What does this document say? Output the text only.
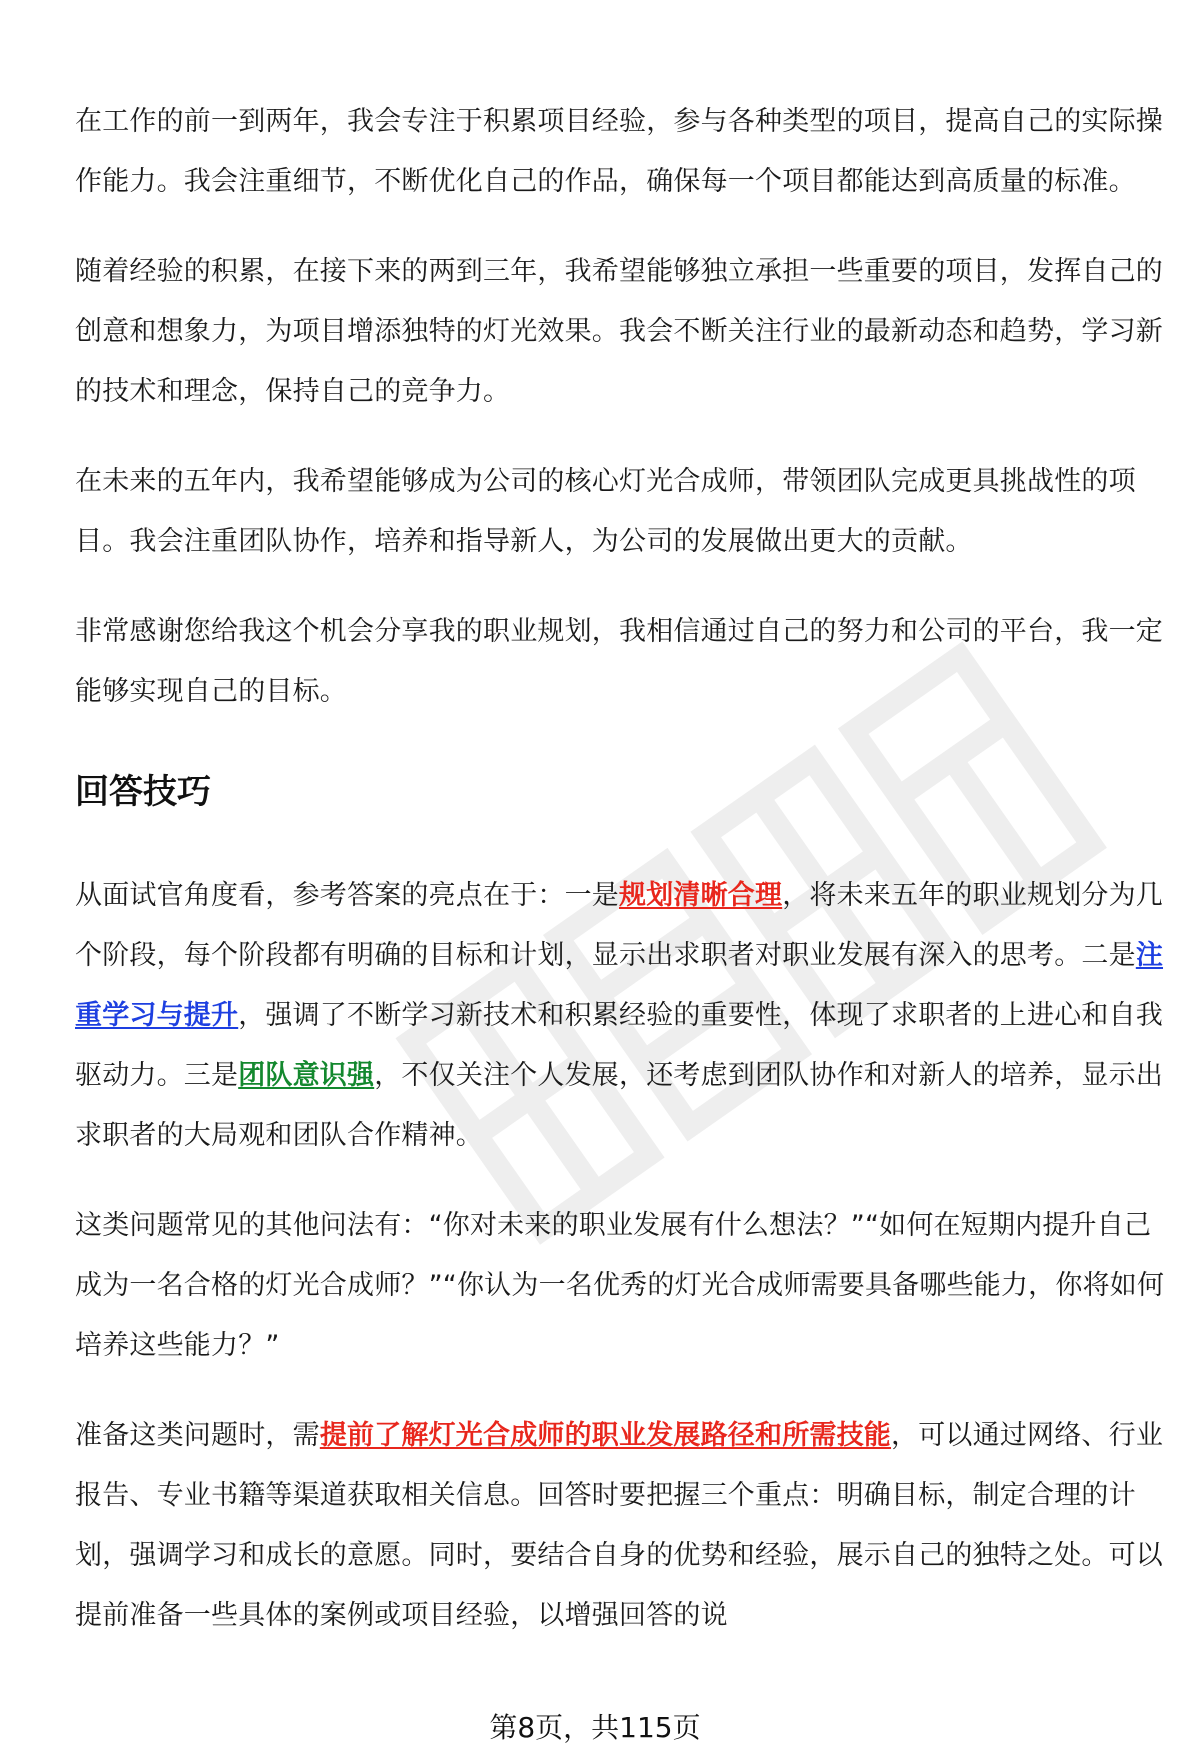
在工作的前一到两年，我会专注于积累项目经验，参与各种类型的项目，提高自己的实际操作能力。我会注重细节，不断优化自己的作品，确保每一个项目都能达到高质量的标准。

随着经验的积累，在接下来的两到三年，我希望能够独立承担一些重要的项目，发挥自己的创意和想象力，为项目增添独特的灯光效果。我会不断关注行业的最新动态和趋势，学习新的技术和理念，保持自己的竞争力。

在未来的五年内，我希望能够成为公司的核心灯光合成师，带领团队完成更具挑战性的项目。我会注重团队协作，培养和指导新人，为公司的发展做出更大的贡献。

非常感谢您给我这个机会分享我的职业规划，我相信通过自己的努力和公司的平台，我一定能够实现自己的目标。

回答技巧

从面试官角度看，参考答案的亮点在于：一是规划清晰合理，将未来五年的职业规划分为几个阶段，每个阶段都有明确的目标和计划，显示出求职者对职业发展有深入的思考。二是注重学习与提升，强调了不断学习新技术和积累经验的重要性，体现了求职者的上进心和自我驱动力。三是团队意识强，不仅关注个人发展，还考虑到团队协作和对新人的培养，显示出求职者的大局观和团队合作精神。

这类问题常见的其他问法有：“你对未来的职业发展有什么想法？”“如何在短期内提升自己成为一名合格的灯光合成师？”“你认为一名优秀的灯光合成师需要具备哪些能力，你将如何培养这些能力？”

准备这类问题时，需提前了解灯光合成师的职业发展路径和所需技能，可以通过网络、行业报告、专业书籍等渠道获取相关信息。回答时要把握三个重点：明确目标，制定合理的计划，强调学习和成长的意愿。同时，要结合自身的优势和经验，展示自己的独特之处。可以提前准备一些具体的案例或项目经验，以增强回答的说

第8页，共115页
